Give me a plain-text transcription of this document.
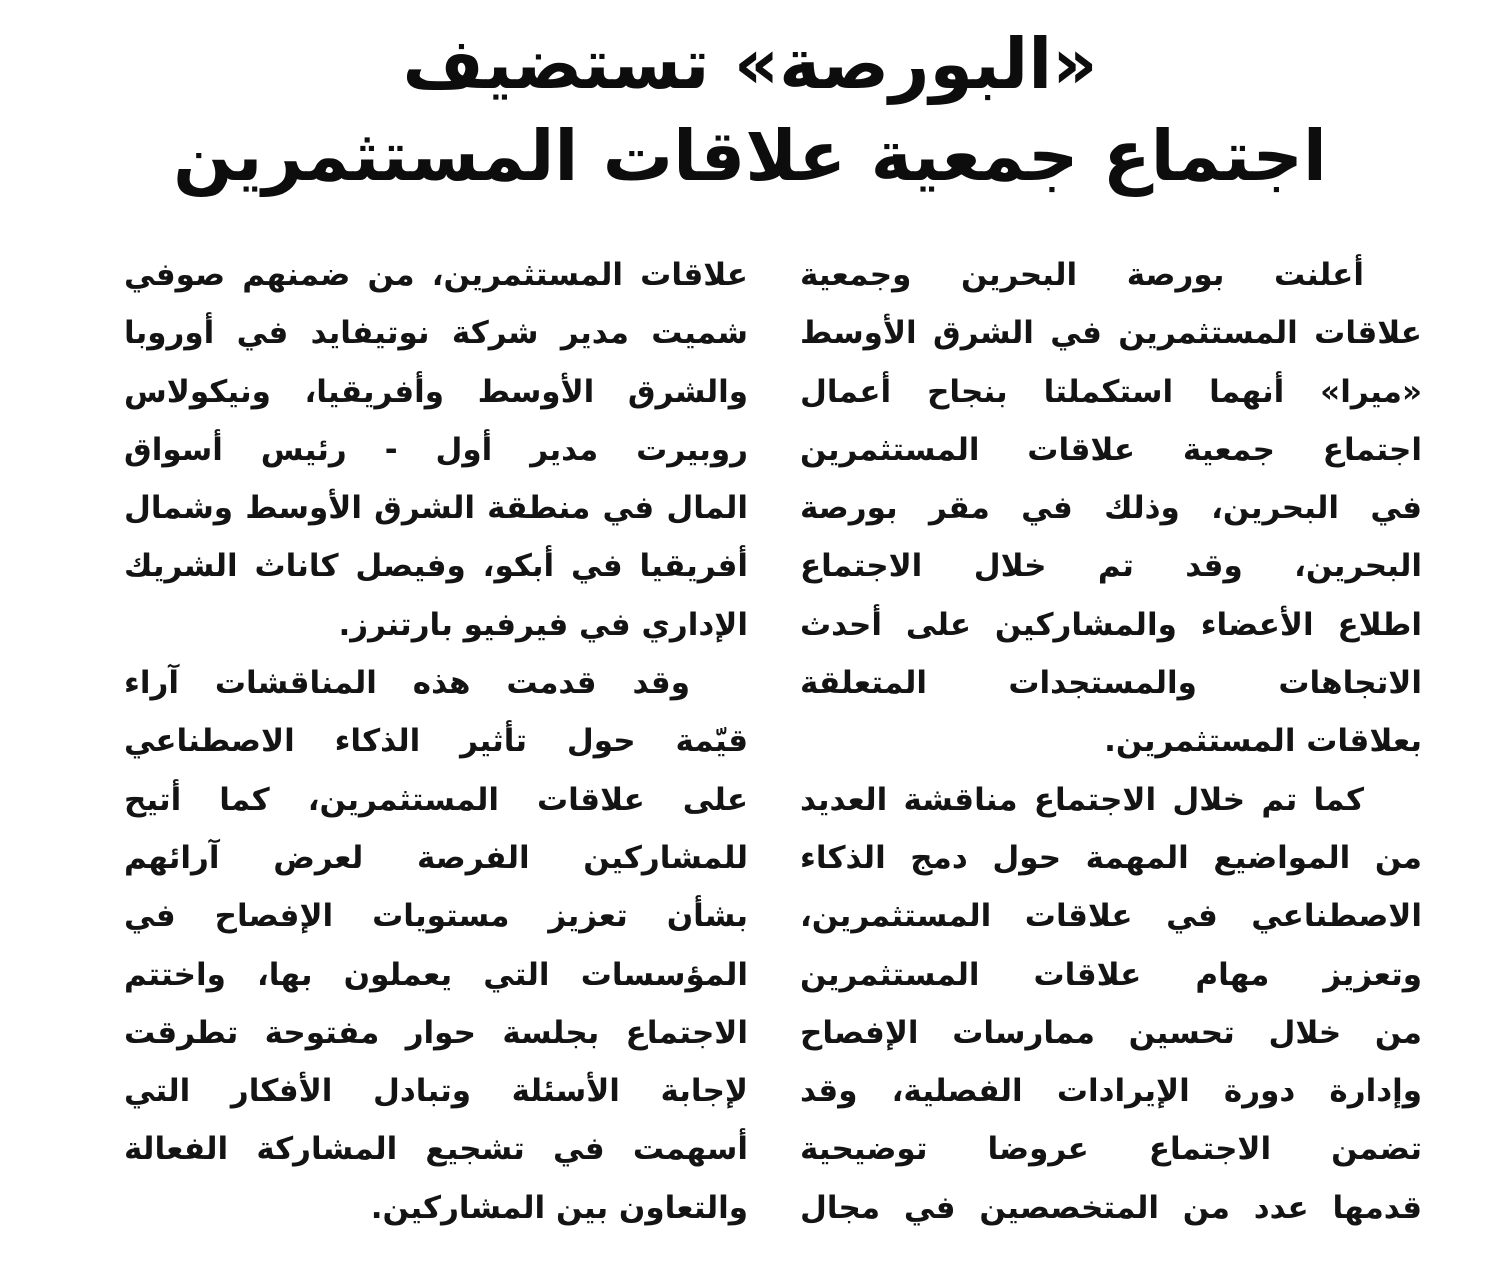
«البورصة» تستضيف
اجتماع جمعية علاقات المستثمرين
أعلنت بورصة البحرين وجمعية
علاقات المستثمرين في الشرق الأوسط
«ميرا» أنهما استكملتا بنجاح أعمال
اجتماع جمعية علاقات المستثمرين
في البحرين، وذلك في مقر بورصة
البحرين، وقد تم خلال الاجتماع
اطلاع الأعضاء والمشاركين على أحدث
الاتجاهات والمستجدات المتعلقة
بعلاقات المستثمرين.
كما تم خلال الاجتماع مناقشة العديد
من المواضيع المهمة حول دمج الذكاء
الاصطناعي في علاقات المستثمرين،
وتعزيز مهام علاقات المستثمرين
من خلال تحسين ممارسات الإفصاح
وإدارة دورة الإيرادات الفصلية، وقد
تضمن الاجتماع عروضا توضيحية
قدمها عدد من المتخصصين في مجال
علاقات المستثمرين، من ضمنهم صوفي
شميت مدير شركة نوتيفايد في أوروبا
والشرق الأوسط وأفريقيا، ونيكولاس
روبيرت مدير أول - رئيس أسواق
المال في منطقة الشرق الأوسط وشمال
أفريقيا في أبكو، وفيصل كاناث الشريك
الإداري في فيرفيو بارتنرز.
وقد قدمت هذه المناقشات آراء
قيّمة حول تأثير الذكاء الاصطناعي
على علاقات المستثمرين، كما أتيح
للمشاركين الفرصة لعرض آرائهم
بشأن تعزيز مستويات الإفصاح في
المؤسسات التي يعملون بها، واختتم
الاجتماع بجلسة حوار مفتوحة تطرقت
لإجابة الأسئلة وتبادل الأفكار التي
أسهمت في تشجيع المشاركة الفعالة
والتعاون بين المشاركين.
